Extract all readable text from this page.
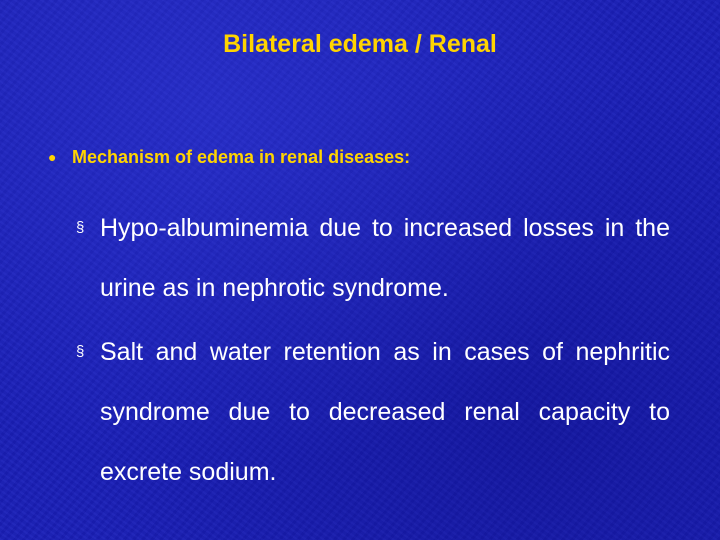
Bilateral edema / Renal
● Mechanism of edema in renal diseases:
§ Hypo-albuminemia due to increased losses in the urine as in nephrotic syndrome.
§ Salt and water retention as in cases of nephritic syndrome due to decreased renal capacity to excrete sodium.
